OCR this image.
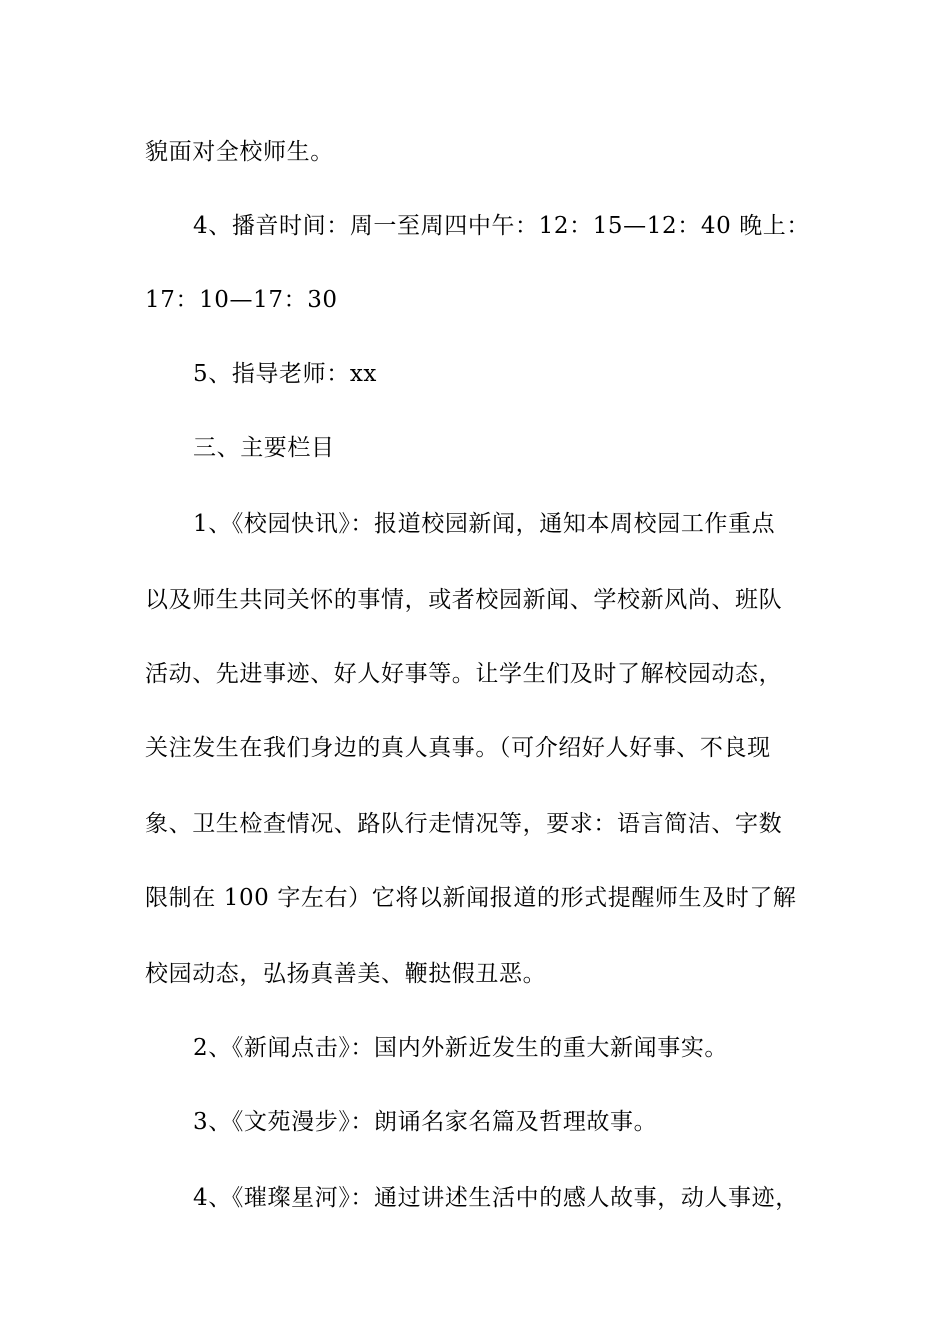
貌面对全校师生。
4、播音时间：周一至周四中午：12：15—12：40 晚上：
17：10—17：30
5、指导老师：xx
三、主要栏目
1、《校园快讯》：报道校园新闻，通知本周校园工作重点
以及师生共同关怀的事情，或者校园新闻、学校新风尚、班队
活动、先进事迹、好人好事等。让学生们及时了解校园动态，
关注发生在我们身边的真人真事。（可介绍好人好事、不良现
象、卫生检查情况、路队行走情况等，要求：语言简洁、字数
限制在 100 字左右）它将以新闻报道的形式提醒师生及时了解
校园动态，弘扬真善美、鞭挞假丑恶。
2、《新闻点击》：国内外新近发生的重大新闻事实。
3、《文苑漫步》：朗诵名家名篇及哲理故事。
4、《璀璨星河》：通过讲述生活中的感人故事，动人事迹，
